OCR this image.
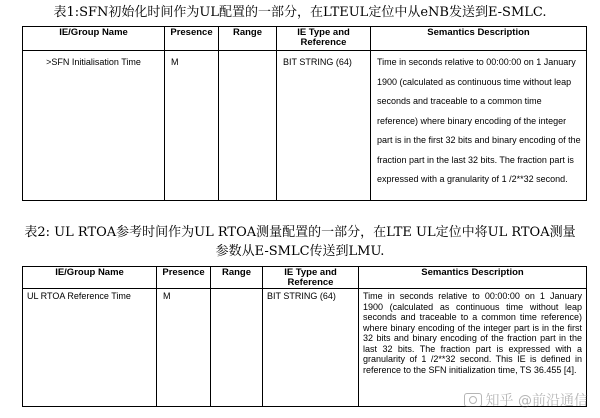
表1:SFN初始化时间作为UL配置的一部分，在LTEUL定位中从eNB发送到E-SMLC.
IE/Group Name	Presence	Range	IE Type and Reference	Semantics Description
>SFN Initialisation Time	M		BIT STRING (64)	Time in seconds relative to 00:00:00 on 1 January 1900 (calculated as continuous time without leap seconds and traceable to a common time reference) where binary encoding of the integer part is in the first 32 bits and binary encoding of the fraction part in the last 32 bits. The fraction part is expressed with a granularity of 1 /2**32 second.
表2: UL RTOA参考时间作为UL RTOA测量配置的一部分，在LTE UL定位中将UL RTOA测量
参数从E-SMLC传送到LMU.
IE/Group Name	Presence	Range	IE Type and Reference	Semantics Description
UL RTOA Reference Time	M		BIT STRING (64)	Time in seconds relative to 00:00:00 on 1 January 1900 (calculated as continuous time without leap seconds and traceable to a common time reference) where binary encoding of the integer part is in the first 32 bits and binary encoding of the fraction part in the last 32 bits. The fraction part is expressed with a granularity of 1 /2**32 second. This IE is defined in reference to the SFN initialization time, TS 36.455 [4].
知乎 @前沿通信
